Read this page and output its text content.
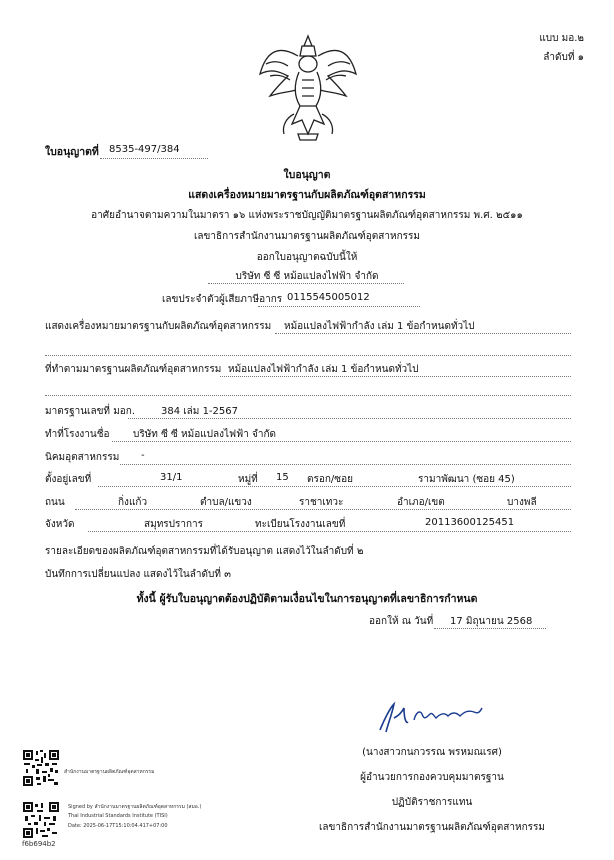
แบบ มอ.๒
ลำดับที่ ๑
ใบอนุญาตที่ 8535-497/384
ใบอนุญาต
แสดงเครื่องหมายมาตรฐานกับผลิตภัณฑ์อุตสาหกรรม
อาศัยอำนาจตามความในมาตรา ๑๖ แห่งพระราชบัญญัติมาตรฐานผลิตภัณฑ์อุตสาหกรรม พ.ศ. ๒๕๑๑
เลขาธิการสำนักงานมาตรฐานผลิตภัณฑ์อุตสาหกรรม
ออกใบอนุญาตฉบับนี้ให้
บริษัท ซี ซี หม้อแปลงไฟฟ้า จำกัด
เลขประจำตัวผู้เสียภาษีอากร 0115545005012
แสดงเครื่องหมายมาตรฐานกับผลิตภัณฑ์อุตสาหกรรม หม้อแปลงไฟฟ้ากำลัง เล่ม 1 ข้อกำหนดทั่วไป
ที่ทำตามมาตรฐานผลิตภัณฑ์อุตสาหกรรม หม้อแปลงไฟฟ้ากำลัง เล่ม 1 ข้อกำหนดทั่วไป
มาตรฐานเลขที่ มอก.	384 เล่ม 1-2567
ทำที่โรงงานชื่อ บริษัท ซี ซี หม้อแปลงไฟฟ้า จำกัด
นิคมอุตสาหกรรม -
ตั้งอยู่เลขที่	31/1	หมู่ที่ 15 ตรอก/ซอย	รามาพัฒนา (ซอย 45)
ถนน	กิ่งแก้ว	ตำบล/แขวง	ราชาเทวะ	อำเภอ/เขต	บางพลี
จังหวัด	สมุทรปราการ	ทะเบียนโรงงานเลขที่	20113600125451
รายละเอียดของผลิตภัณฑ์อุตสาหกรรมที่ได้รับอนุญาต แสดงไว้ในลำดับที่ ๒
บันทึกการเปลี่ยนแปลง แสดงไว้ในลำดับที่ ๓
ทั้งนี้ ผู้รับใบอนุญาตต้องปฏิบัติตามเงื่อนไขในการอนุญาตที่เลขาธิการกำหนด
ออกให้ ณ วันที่ 17 มิถุนายน 2568
(นางสาวกนกวรรณ พรหมณเรศ)
ผู้อำนวยการกองควบคุมมาตรฐาน
ปฏิบัติราชการแทน
เลขาธิการสำนักงานมาตรฐานผลิตภัณฑ์อุตสาหกรรม
สำนักงานมาตรฐานผลิตภัณฑ์อุตสาหกรรม
Signed by สำนักงานมาตรฐานผลิตภัณฑ์อุตสาหกรรม (สมอ.)
Thai Industrial Standards Institute (TISI)
Date: 2025-06-17T15:10:04.417+07:00
f6b694b2
